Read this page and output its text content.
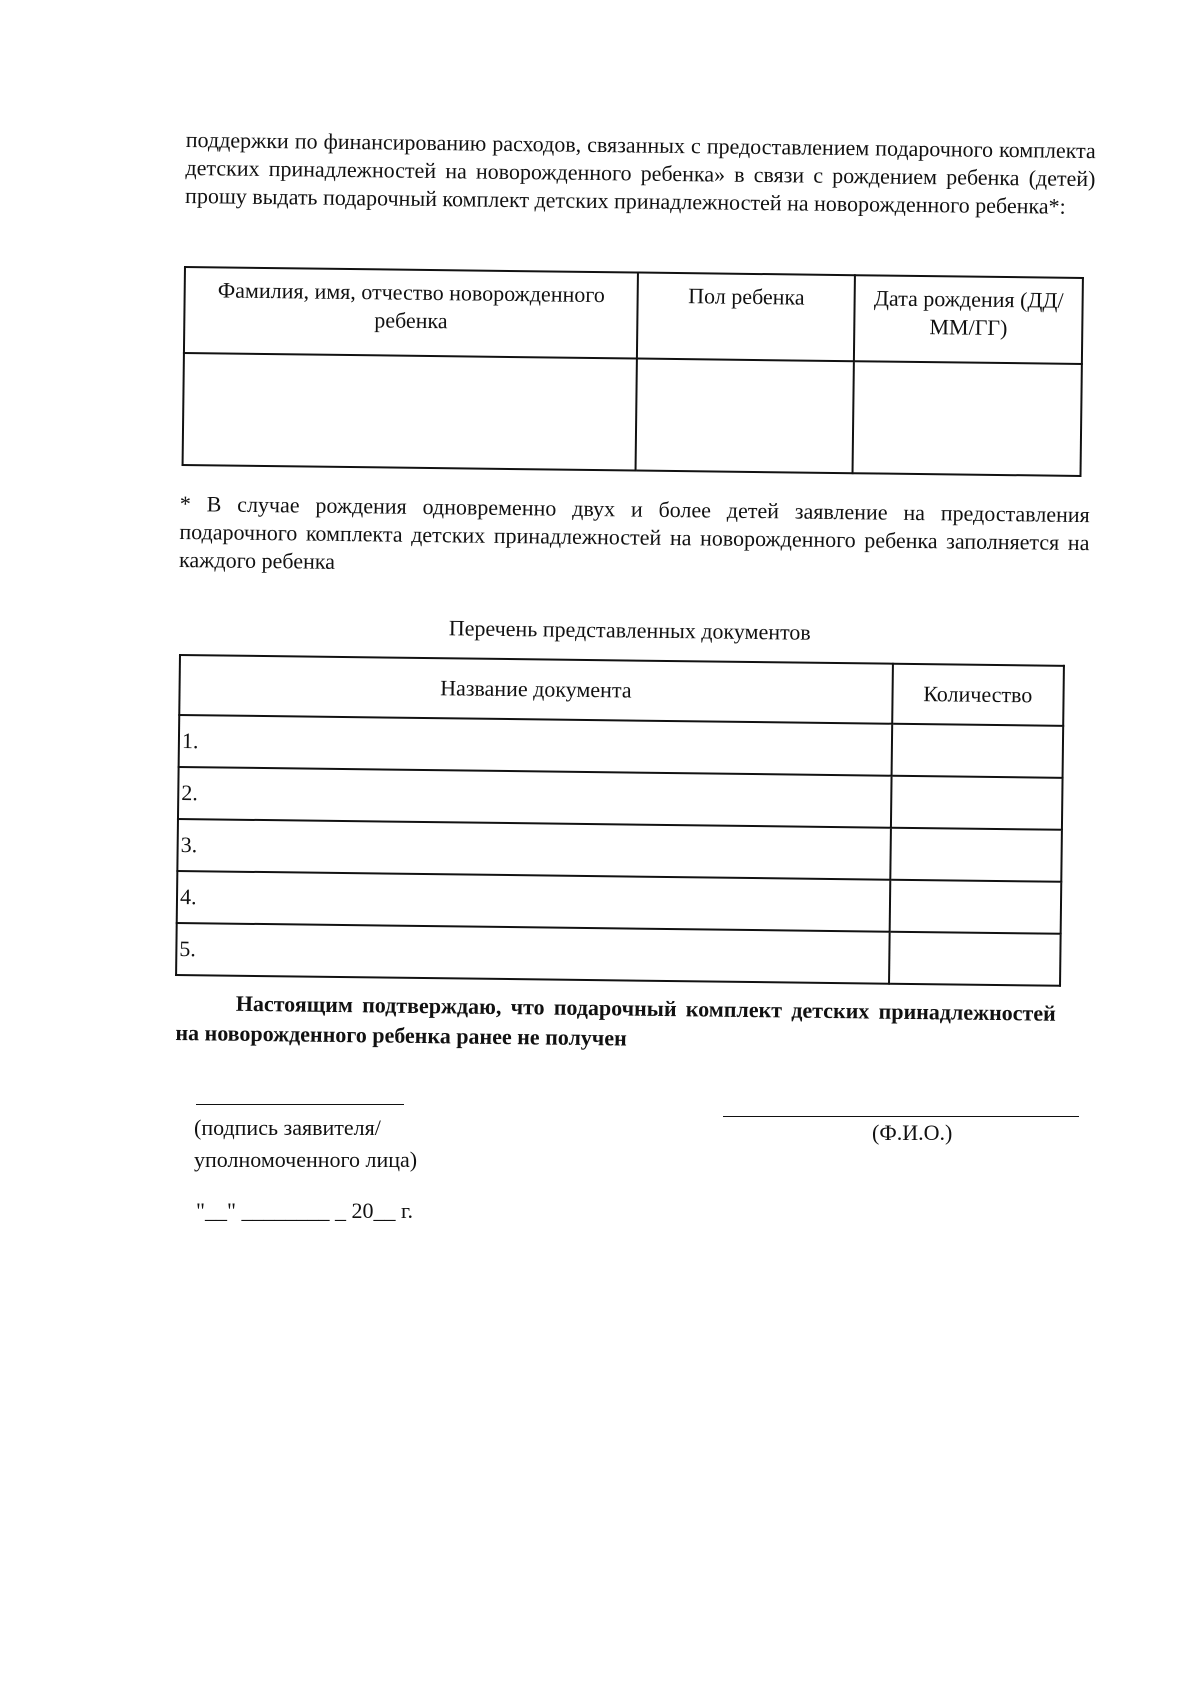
поддержки по финансированию расходов, связанных с предоставлением подарочного комплекта детских принадлежностей на новорожденного ребенка» в связи с рождением ребенка (детей) прошу выдать подарочный комплект детских принадлежностей на новорожденного ребенка*:
Фамилия, имя, отчество новорожденного ребенка	Пол ребенка	Дата рождения (ДД/ММ/ГГ)

* В случае рождения одновременно двух и более детей заявление на предоставления подарочного комплекта детских принадлежностей на новорожденного ребенка заполняется на каждого ребенка
Перечень представленных документов
Название документа	Количество
1.	
2.	
3.	
4.	
5.	
Настоящим подтверждаю, что подарочный комплект детских принадлежностей на новорожденного ребенка ранее не получен
(подпись заявителя/
уполномоченного лица)
(Ф.И.О.)
"__" ________ _ 20__ г.
